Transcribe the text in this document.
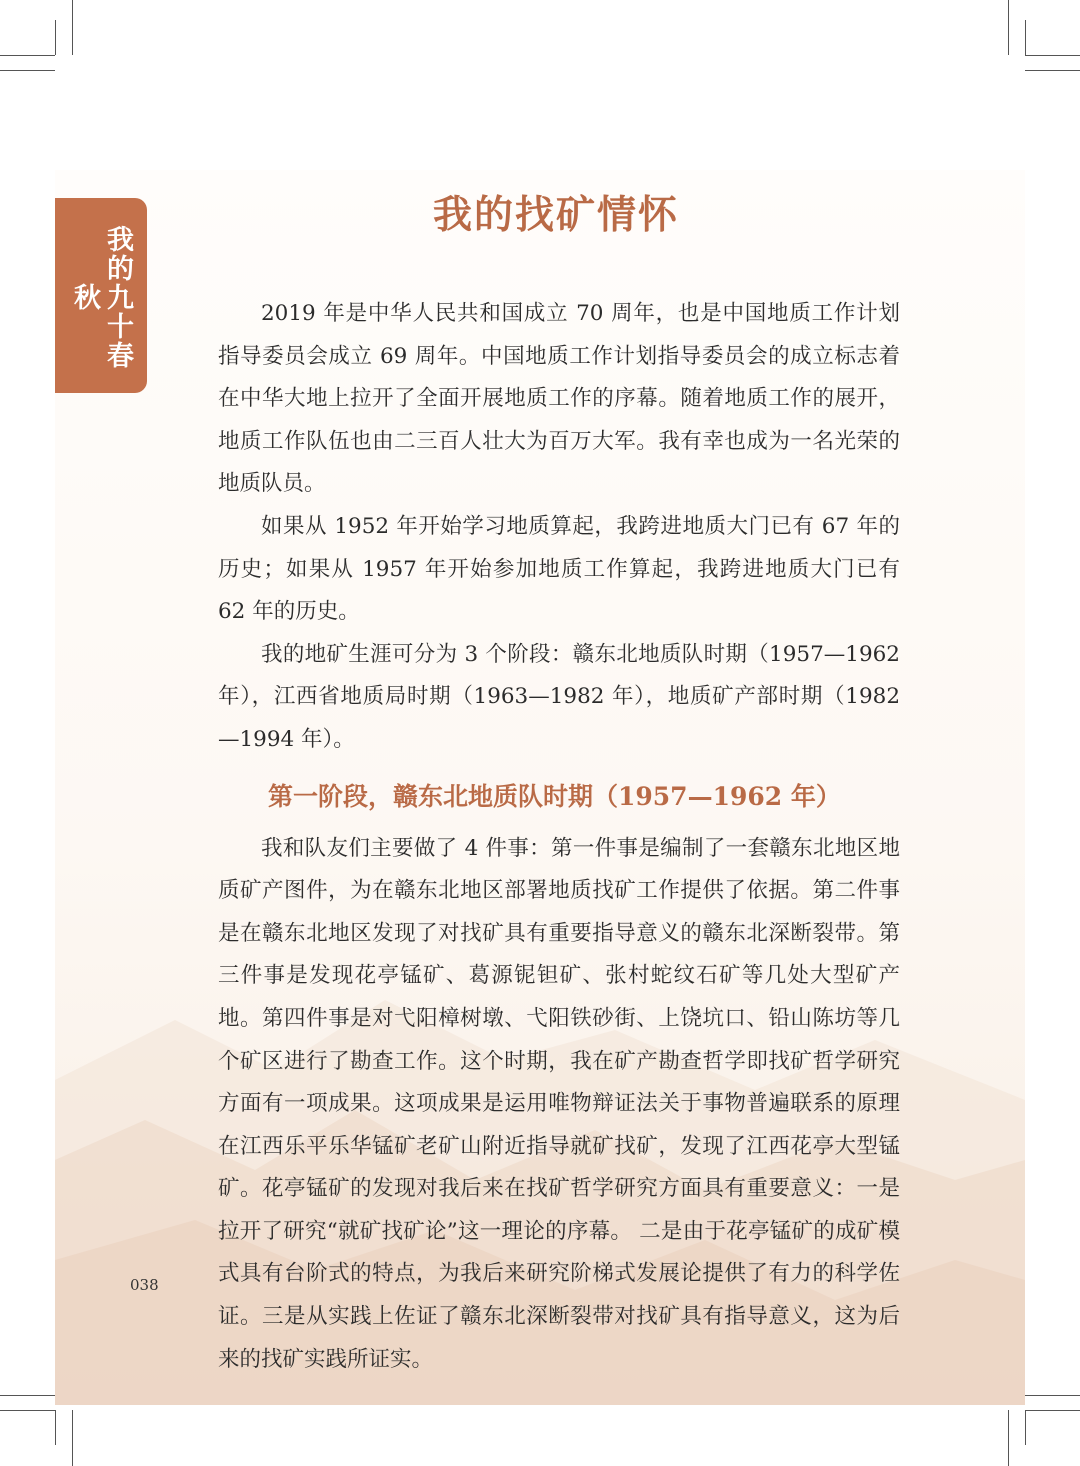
我的九十春秋
我的找矿情怀

2019 年是中华人民共和国成立 70 周年，也是中国地质工作计划指导委员会成立 69 周年。中国地质工作计划指导委员会的成立标志着在中华大地上拉开了全面开展地质工作的序幕。随着地质工作的展开，地质工作队伍也由二三百人壮大为百万大军。我有幸也成为一名光荣的地质队员。

如果从 1952 年开始学习地质算起，我跨进地质大门已有 67 年的历史；如果从 1957 年开始参加地质工作算起，我跨进地质大门已有 62 年的历史。

我的地矿生涯可分为 3 个阶段：赣东北地质队时期（1957—1962 年），江西省地质局时期（1963—1982 年），地质矿产部时期（1982—1994 年）。

第一阶段，赣东北地质队时期（1957—1962 年）

我和队友们主要做了 4 件事：第一件事是编制了一套赣东北地区地质矿产图件，为在赣东北地区部署地质找矿工作提供了依据。第二件事是在赣东北地区发现了对找矿具有重要指导意义的赣东北深断裂带。第三件事是发现花亭锰矿、葛源铌钽矿、张村蛇纹石矿等几处大型矿产地。第四件事是对弋阳樟树墩、弋阳铁砂街、上饶坑口、铅山陈坊等几个矿区进行了勘查工作。这个时期，我在矿产勘查哲学即找矿哲学研究方面有一项成果。这项成果是运用唯物辩证法关于事物普遍联系的原理在江西乐平乐华锰矿老矿山附近指导就矿找矿，发现了江西花亭大型锰矿。花亭锰矿的发现对我后来在找矿哲学研究方面具有重要意义：一是拉开了研究“就矿找矿论”这一理论的序幕。 二是由于花亭锰矿的成矿模式具有台阶式的特点，为我后来研究阶梯式发展论提供了有力的科学佐证。三是从实践上佐证了赣东北深断裂带对找矿具有指导意义，这为后来的找矿实践所证实。

038
